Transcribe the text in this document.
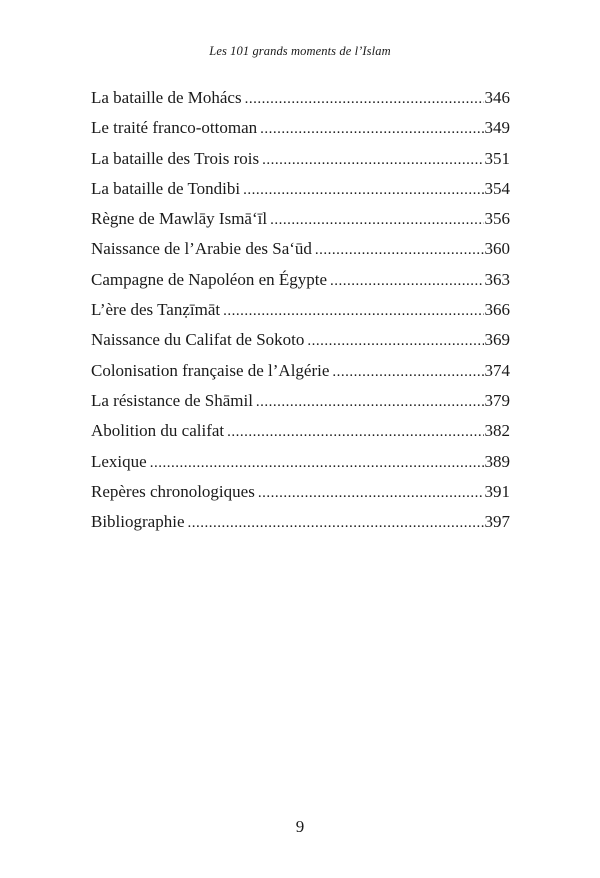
Les 101 grands moments de l’Islam
La bataille de Mohács .....	346
Le traité franco-ottoman .....	349
La bataille des Trois rois .....	351
La bataille de Tondibi .....	354
Règne de Mawlāy Ismā‘īl .....	356
Naissance de l’Arabie des Sa‘ūd .....	360
Campagne de Napoléon en Égypte .....	363
L’ère des Tanẓīmāt .....	366
Naissance du Califat de Sokoto .....	369
Colonisation française de l’Algérie .....	374
La résistance de Shāmil .....	379
Abolition du califat .....	382
Lexique .....	389
Repères chronologiques .....	391
Bibliographie .....	397
9
